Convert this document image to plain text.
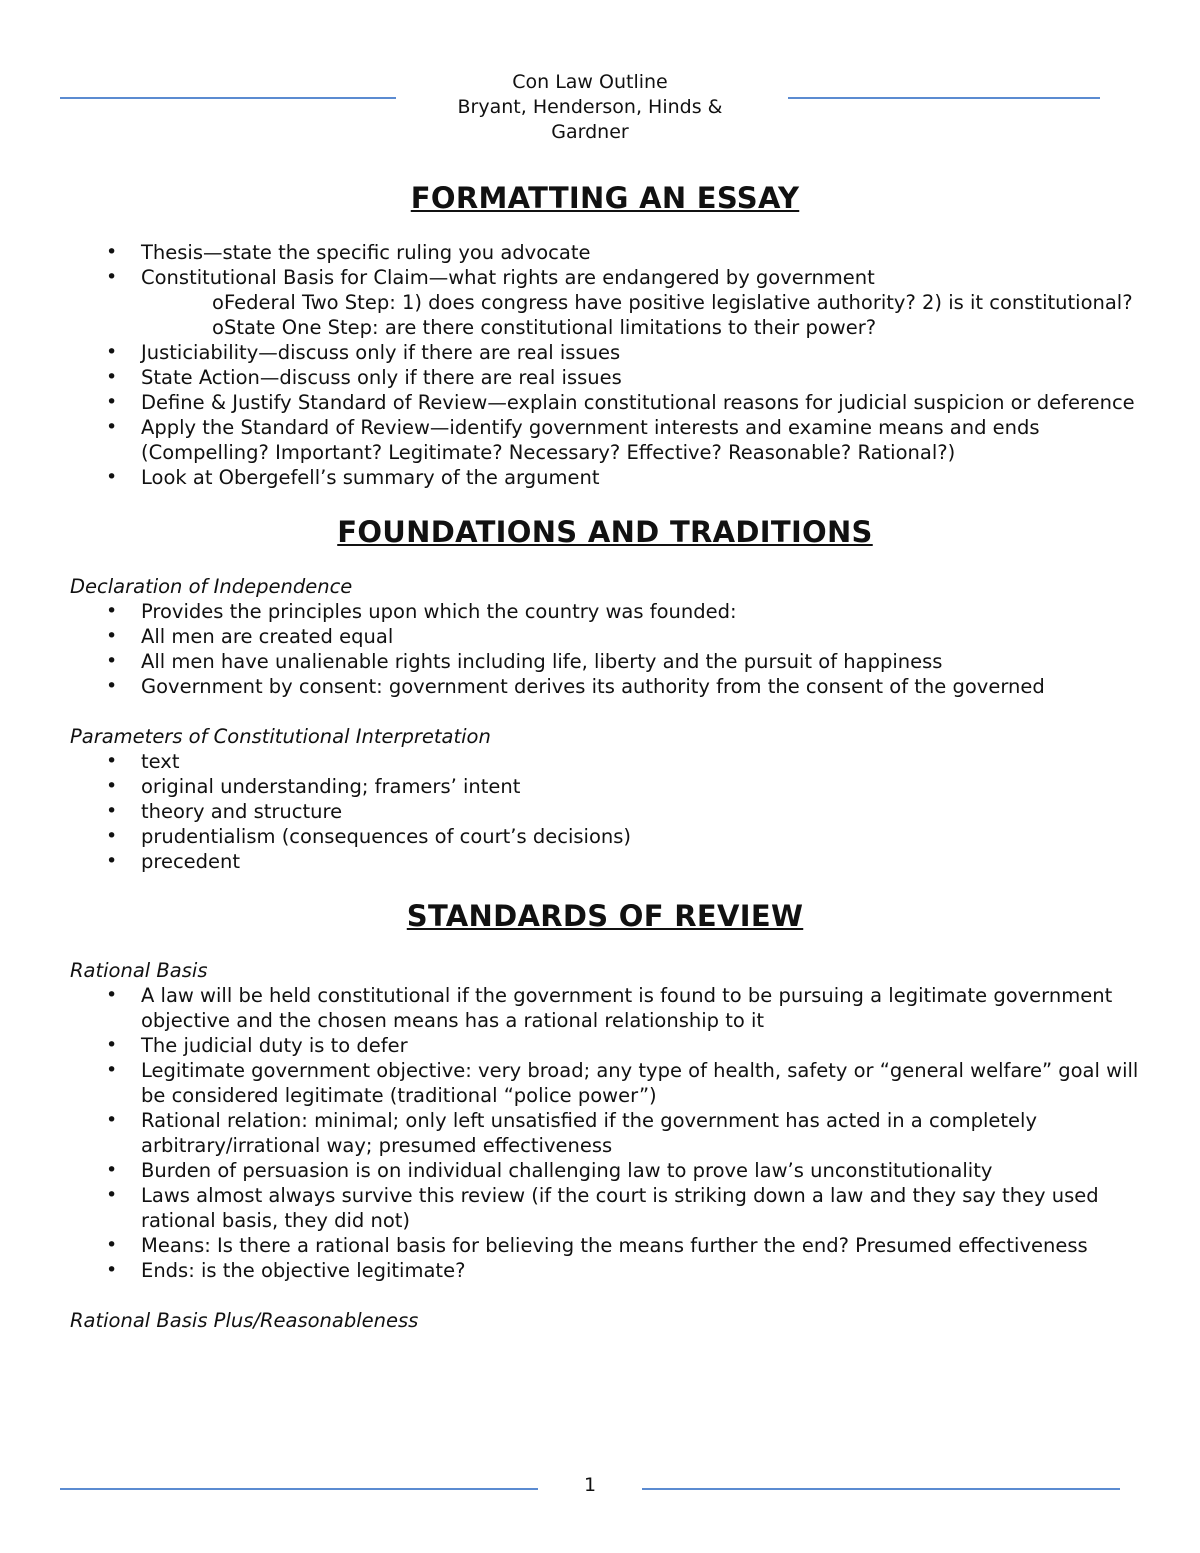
Con Law Outline
Bryant, Henderson, Hinds &
Gardner
FORMATTING AN ESSAY
• Thesis—state the specific ruling you advocate
• Constitutional Basis for Claim—what rights are endangered by government
oFederal Two Step: 1) does congress have positive legislative authority? 2) is it constitutional?
oState One Step: are there constitutional limitations to their power?
• Justiciability—discuss only if there are real issues
• State Action—discuss only if there are real issues
• Define & Justify Standard of Review—explain constitutional reasons for judicial suspicion or deference
• Apply the Standard of Review—identify government interests and examine means and ends (Compelling? Important? Legitimate? Necessary? Effective? Reasonable? Rational?)
• Look at Obergefell’s summary of the argument
FOUNDATIONS AND TRADITIONS

Declaration of Independence

• Provides the principles upon which the country was founded:
• All men are created equal
• All men have unalienable rights including life, liberty and the pursuit of happiness
• Government by consent: government derives its authority from the consent of the governed

Parameters of Constitutional Interpretation

• text
• original understanding; framers’ intent
• theory and structure
• prudentialism (consequences of court’s decisions)
• precedent
STANDARDS OF REVIEW

Rational Basis

• A law will be held constitutional if the government is found to be pursuing a legitimate government objective and the chosen means has a rational relationship to it
• The judicial duty is to defer
• Legitimate government objective: very broad; any type of health, safety or “general welfare” goal will be considered legitimate (traditional “police power”)
• Rational relation: minimal; only left unsatisfied if the government has acted in a completely arbitrary/irrational way; presumed effectiveness
• Burden of persuasion is on individual challenging law to prove law’s unconstitutionality
• Laws almost always survive this review (if the court is striking down a law and they say they used rational basis, they did not)
• Means: Is there a rational basis for believing the means further the end? Presumed effectiveness
• Ends: is the objective legitimate?

Rational Basis Plus/Reasonableness

1
